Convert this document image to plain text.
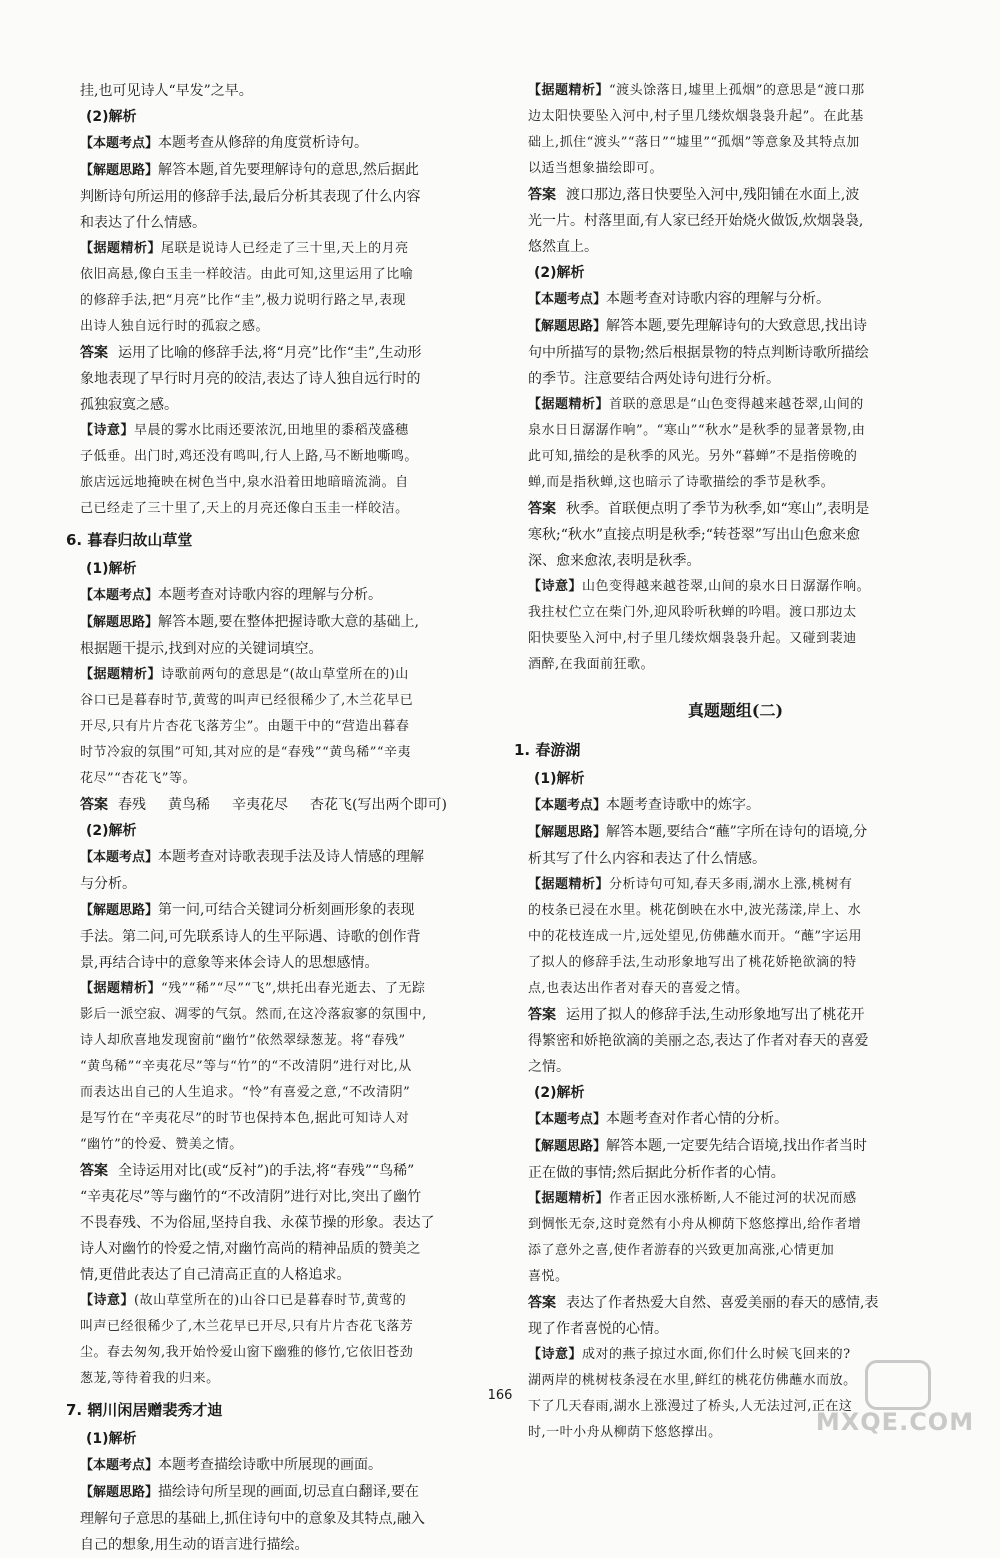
挂,也可见诗人“早发”之早。

(2)解析

【本题考点】本题考查从修辞的角度赏析诗句。

【解题思路】解答本题,首先要理解诗句的意思,然后据此

判断诗句所运用的修辞手法,最后分析其表现了什么内容

和表达了什么情感。

【据题精析】尾联是说诗人已经走了三十里,天上的月亮

依旧高悬,像白玉圭一样皎洁。由此可知,这里运用了比喻

的修辞手法,把“月亮”比作“圭”,极力说明行路之早,表现

出诗人独自远行时的孤寂之感。

答案 运用了比喻的修辞手法,将“月亮”比作“圭”,生动形

象地表现了早行时月亮的皎洁,表达了诗人独自远行时的

孤独寂寞之感。

【诗意】早晨的雾水比雨还要浓沉,田地里的黍稻茂盛穗

子低垂。出门时,鸡还没有鸣叫,行人上路,马不断地嘶鸣。

旅店远远地掩映在树色当中,泉水沿着田地暗暗流淌。自

己已经走了三十里了,天上的月亮还像白玉圭一样皎洁。

6. 暮春归故山草堂

(1)解析

【本题考点】本题考查对诗歌内容的理解与分析。

【解题思路】解答本题,要在整体把握诗歌大意的基础上,

根据题干提示,找到对应的关键词填空。

【据题精析】诗歌前两句的意思是“(故山草堂所在的)山

谷口已是暮春时节,黄莺的叫声已经很稀少了,木兰花早已

开尽,只有片片杏花飞落芳尘”。由题干中的“营造出暮春

时节冷寂的氛围”可知,其对应的是“春残”“黄鸟稀”“辛夷

花尽”“杏花飞”等。

答案 春残 黄鸟稀 辛夷花尽 杏花飞(写出两个即可)

(2)解析

【本题考点】本题考查对诗歌表现手法及诗人情感的理解

与分析。

【解题思路】第一问,可结合关键词分析刻画形象的表现

手法。第二问,可先联系诗人的生平际遇、诗歌的创作背

景,再结合诗中的意象等来体会诗人的思想感情。

【据题精析】“残”“稀”“尽”“飞”,烘托出春光逝去、了无踪

影后一派空寂、凋零的气氛。然而,在这冷落寂寥的氛围中,

诗人却欣喜地发现窗前“幽竹”依然翠绿葱茏。将“春残”

“黄鸟稀”“辛夷花尽”等与“竹”的“不改清阴”进行对比,从

而表达出自己的人生追求。“怜”有喜爱之意,“不改清阴”

是写竹在“辛夷花尽”的时节也保持本色,据此可知诗人对

“幽竹”的怜爱、赞美之情。

答案 全诗运用对比(或“反衬”)的手法,将“春残”“鸟稀”

“辛夷花尽”等与幽竹的“不改清阴”进行对比,突出了幽竹

不畏春残、不为俗屈,坚持自我、永葆节操的形象。表达了

诗人对幽竹的怜爱之情,对幽竹高尚的精神品质的赞美之

情,更借此表达了自己清高正直的人格追求。

【诗意】(故山草堂所在的)山谷口已是暮春时节,黄莺的

叫声已经很稀少了,木兰花早已开尽,只有片片杏花飞落芳

尘。春去匆匆,我开始怜爱山窗下幽雅的修竹,它依旧苍劲

葱茏,等待着我的归来。

7. 辋川闲居赠裴秀才迪

(1)解析

【本题考点】本题考查描绘诗歌中所展现的画面。

【解题思路】描绘诗句所呈现的画面,切忌直白翻译,要在

理解句子意思的基础上,抓住诗句中的意象及其特点,融入

自己的想象,用生动的语言进行描绘。

【据题精析】“渡头馀落日,墟里上孤烟”的意思是“渡口那

边太阳快要坠入河中,村子里几缕炊烟袅袅升起”。在此基

础上,抓住“渡头”“落日”“墟里”“孤烟”等意象及其特点加

以适当想象描绘即可。

答案 渡口那边,落日快要坠入河中,残阳铺在水面上,波

光一片。村落里面,有人家已经开始烧火做饭,炊烟袅袅,

悠然直上。

(2)解析

【本题考点】本题考查对诗歌内容的理解与分析。

【解题思路】解答本题,要先理解诗句的大致意思,找出诗

句中所描写的景物;然后根据景物的特点判断诗歌所描绘

的季节。注意要结合两处诗句进行分析。

【据题精析】首联的意思是“山色变得越来越苍翠,山间的

泉水日日潺潺作响”。“寒山”“秋水”是秋季的显著景物,由

此可知,描绘的是秋季的风光。另外“暮蝉”不是指傍晚的

蝉,而是指秋蝉,这也暗示了诗歌描绘的季节是秋季。

答案 秋季。首联便点明了季节为秋季,如“寒山”,表明是

寒秋;“秋水”直接点明是秋季;“转苍翠”写出山色愈来愈

深、愈来愈浓,表明是秋季。

【诗意】山色变得越来越苍翠,山间的泉水日日潺潺作响。

我拄杖伫立在柴门外,迎风聆听秋蝉的吟唱。渡口那边太

阳快要坠入河中,村子里几缕炊烟袅袅升起。又碰到裴迪

酒醉,在我面前狂歌。

真题题组(二)
1. 春游湖

(1)解析

【本题考点】本题考查诗歌中的炼字。

【解题思路】解答本题,要结合“蘸”字所在诗句的语境,分

析其写了什么内容和表达了什么情感。

【据题精析】分析诗句可知,春天多雨,湖水上涨,桃树有

的枝条已浸在水里。桃花倒映在水中,波光荡漾,岸上、水

中的花枝连成一片,远处望见,仿佛蘸水而开。“蘸”字运用

了拟人的修辞手法,生动形象地写出了桃花娇艳欲滴的特

点,也表达出作者对春天的喜爱之情。

答案 运用了拟人的修辞手法,生动形象地写出了桃花开

得繁密和娇艳欲滴的美丽之态,表达了作者对春天的喜爱

之情。

(2)解析

【本题考点】本题考查对作者心情的分析。

【解题思路】解答本题,一定要先结合语境,找出作者当时

正在做的事情;然后据此分析作者的心情。

【据题精析】作者正因水涨桥断,人不能过河的状况而感

到惆怅无奈,这时竟然有小舟从柳荫下悠悠撑出,给作者增

添了意外之喜,使作者游春的兴致更加高涨,心情更加

喜悦。

答案 表达了作者热爱大自然、喜爱美丽的春天的感情,表

现了作者喜悦的心情。

【诗意】成对的燕子掠过水面,你们什么时候飞回来的?

湖两岸的桃树枝条浸在水里,鲜红的桃花仿佛蘸水而放。

下了几天春雨,湖水上涨漫过了桥头,人无法过河,正在这

时,一叶小舟从柳荫下悠悠撑出。

166
MXQE.COM
